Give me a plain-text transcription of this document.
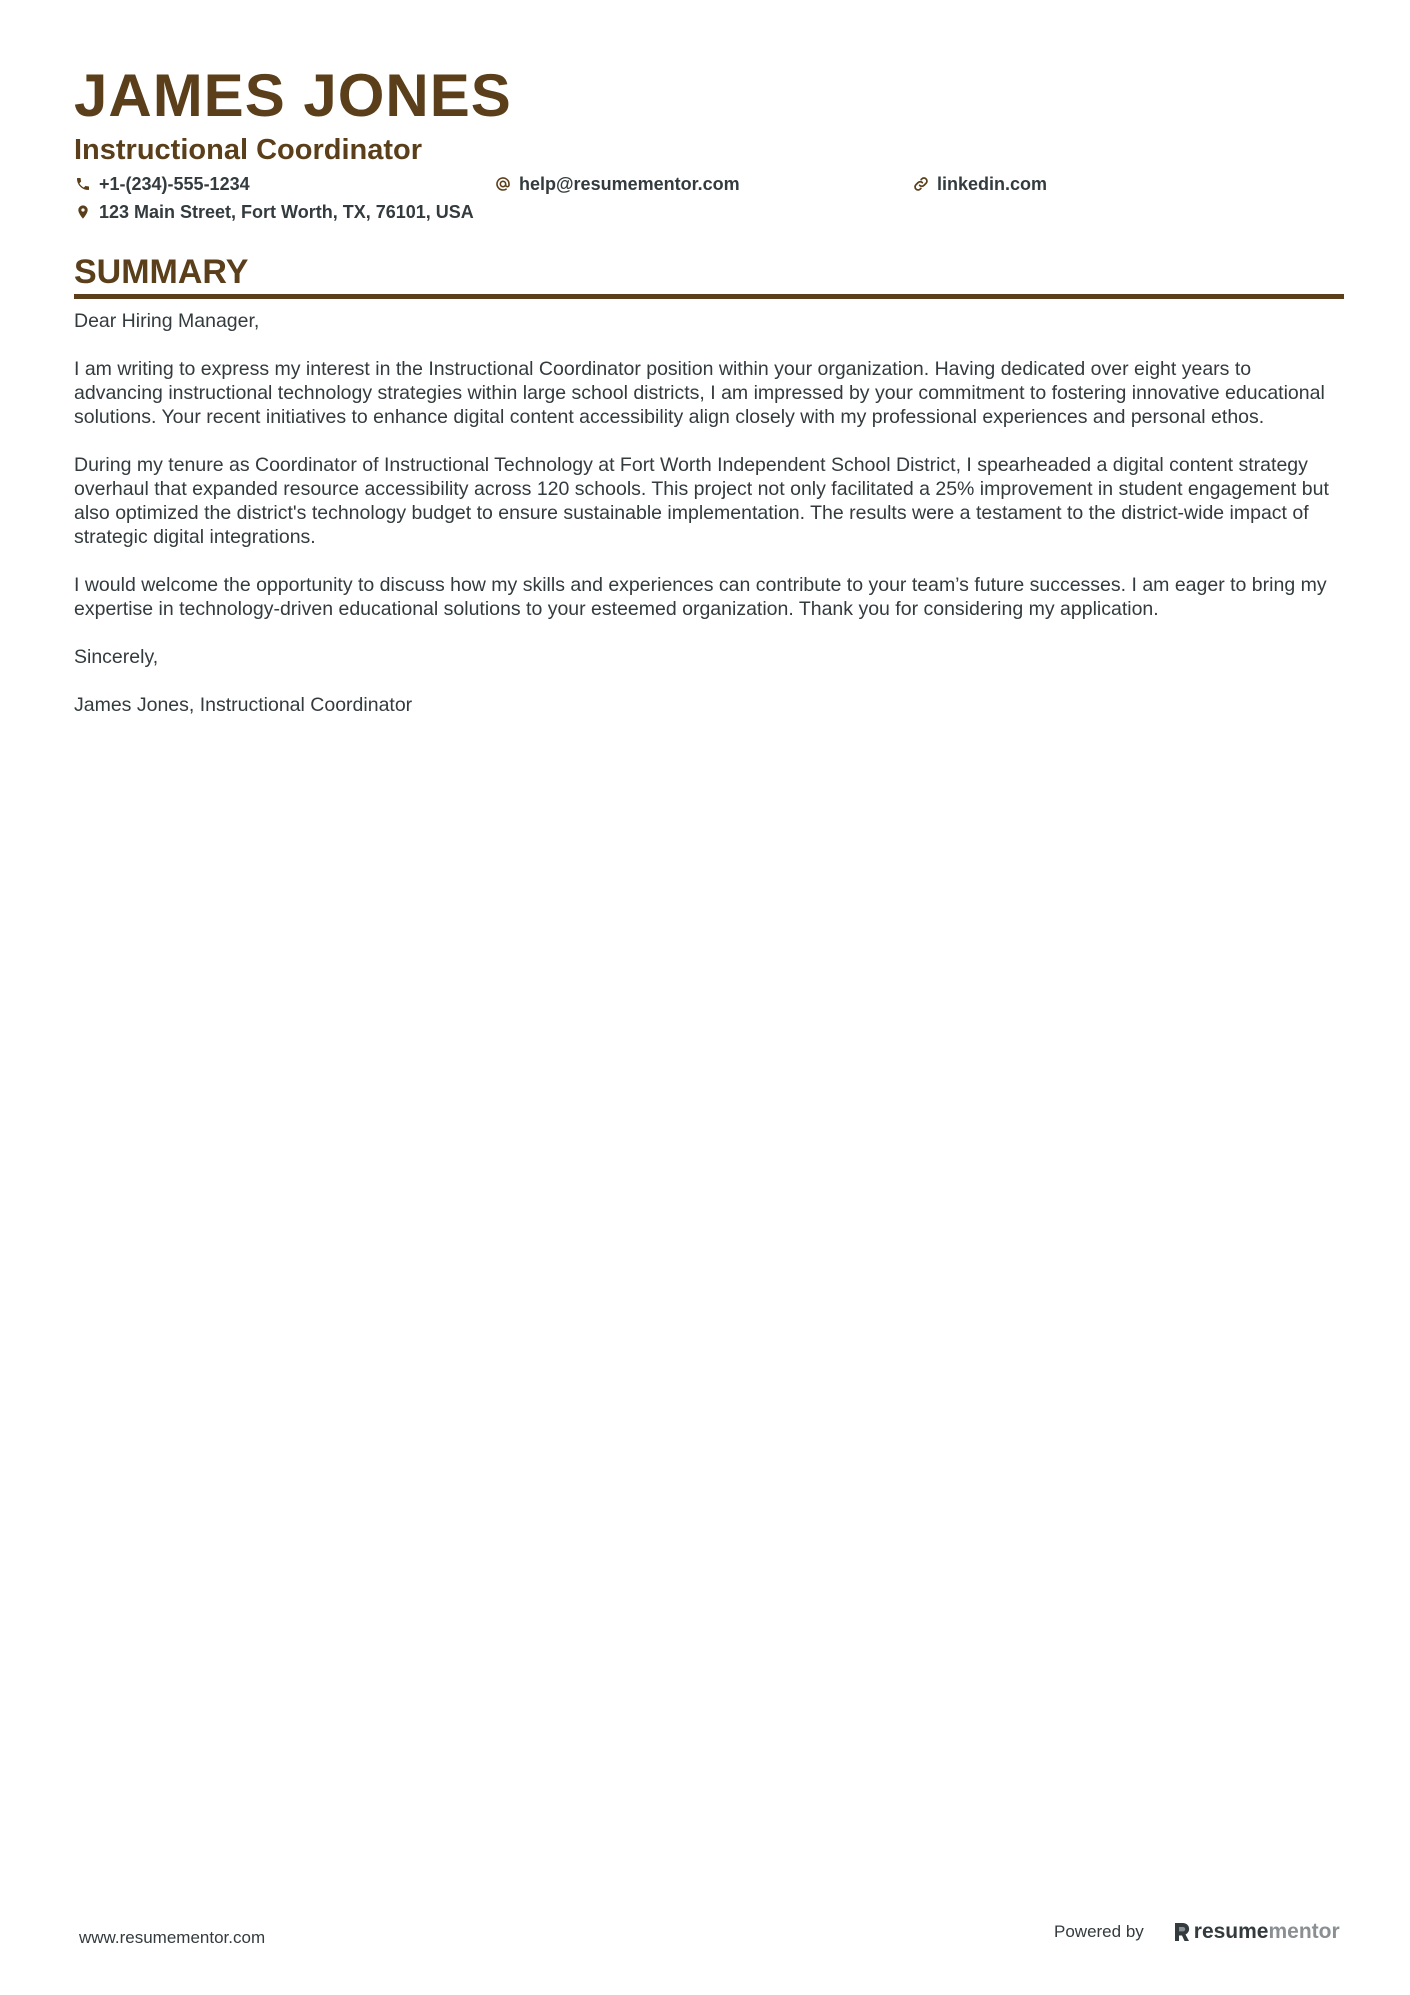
JAMES JONES
Instructional Coordinator
+1-(234)-555-1234	help@resumementor.com	linkedin.com
123 Main Street, Fort Worth, TX, 76101, USA
SUMMARY

Dear Hiring Manager,

I am writing to express my interest in the Instructional Coordinator position within your organization. Having dedicated over eight years to advancing instructional technology strategies within large school districts, I am impressed by your commitment to fostering innovative educational solutions. Your recent initiatives to enhance digital content accessibility align closely with my professional experiences and personal ethos.

During my tenure as Coordinator of Instructional Technology at Fort Worth Independent School District, I spearheaded a digital content strategy overhaul that expanded resource accessibility across 120 schools. This project not only facilitated a 25% improvement in student engagement but also optimized the district's technology budget to ensure sustainable implementation. The results were a testament to the district-wide impact of strategic digital integrations.

I would welcome the opportunity to discuss how my skills and experiences can contribute to your team’s future successes. I am eager to bring my expertise in technology-driven educational solutions to your esteemed organization. Thank you for considering my application.

Sincerely,

James Jones, Instructional Coordinator

www.resumementor.com	Powered by resume mentor
